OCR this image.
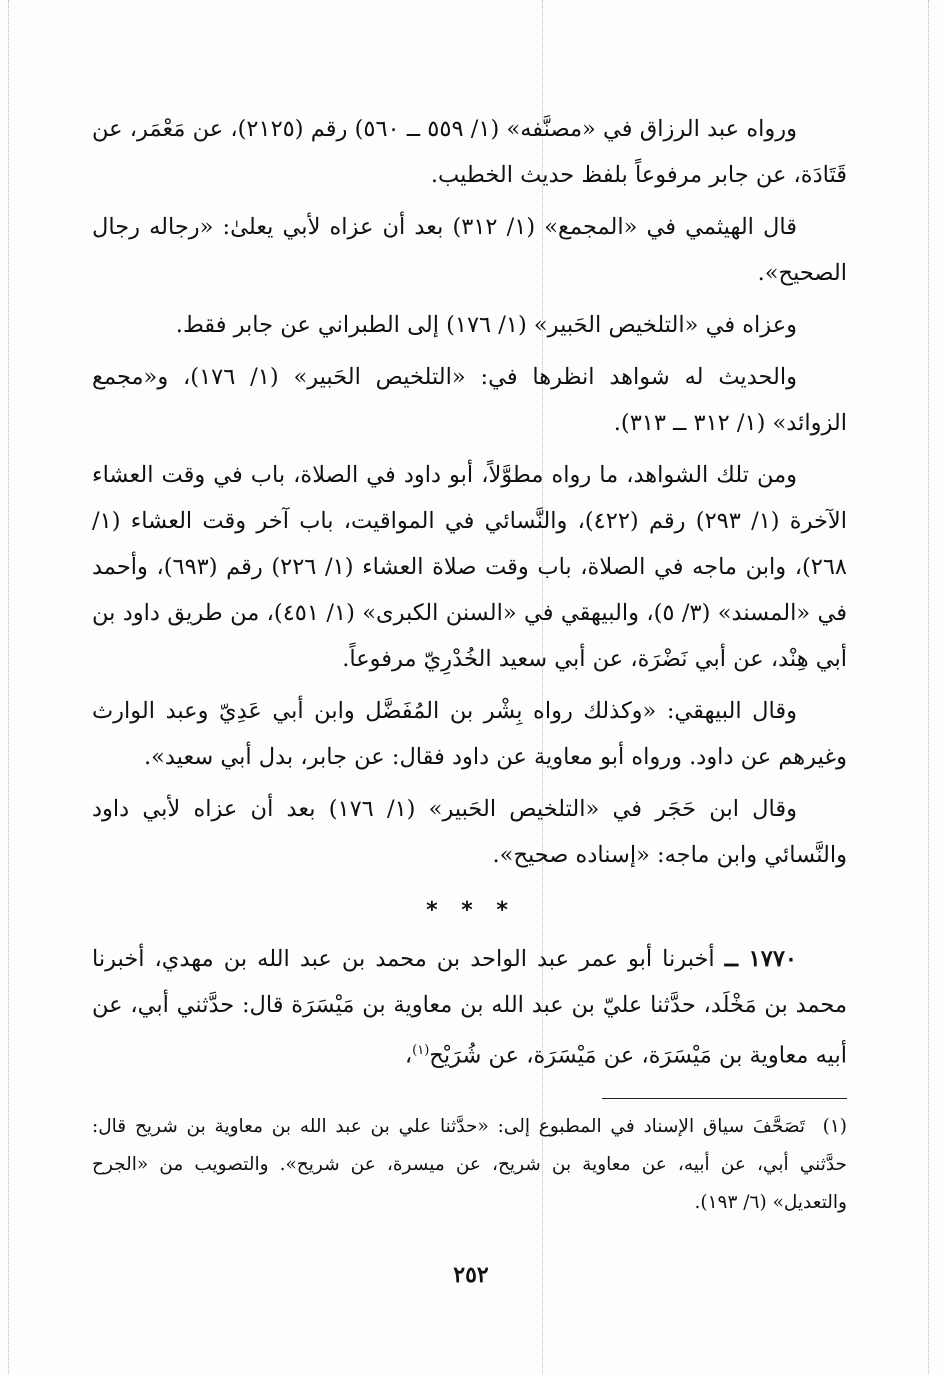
ورواه عبد الرزاق في «مصنَّفه» (١/ ٥٥٩ ــ ٥٦٠) رقم (٢١٢٥)، عن مَعْمَر، عن قَتَادَة، عن جابر مرفوعاً بلفظ حديث الخطيب.

قال الهيثمي في «المجمع» (١/ ٣١٢) بعد أن عزاه لأبي يعلىٰ: «رجاله رجال الصحيح».

وعزاه في «التلخيص الحَبير» (١/ ١٧٦) إلى الطبراني عن جابر فقط.

والحديث له شواهد انظرها في: «التلخيص الحَبير» (١/ ١٧٦)، و«مجمع الزوائد» (١/ ٣١٢ ــ ٣١٣).

ومن تلك الشواهد، ما رواه مطوَّلاً، أبو داود في الصلاة، باب في وقت العشاء الآخرة (١/ ٢٩٣) رقم (٤٢٢)، والنَّسائي في المواقيت، باب آخر وقت العشاء (١/ ٢٦٨)، وابن ماجه في الصلاة، باب وقت صلاة العشاء (١/ ٢٢٦) رقم (٦٩٣)، وأحمد في «المسند» (٣/ ٥)، والبيهقي في «السنن الكبرى» (١/ ٤٥١)، من طريق داود بن أبي هِنْد، عن أبي نَضْرَة، عن أبي سعيد الخُدْرِيّ مرفوعاً.

وقال البيهقي: «وكذلك رواه بِشْر بن المُفَضَّل وابن أبي عَدِيّ وعبد الوارث وغيرهم عن داود. ورواه أبو معاوية عن داود فقال: عن جابر، بدل أبي سعيد».

وقال ابن حَجَر في «التلخيص الحَبير» (١/ ١٧٦) بعد أن عزاه لأبي داود والنَّسائي وابن ماجه: «إسناده صحيح».

* * *

١٧٧٠ ــ أخبرنا أبو عمر عبد الواحد بن محمد بن عبد الله بن مهدي، أخبرنا محمد بن مَخْلَد، حدَّثنا عليّ بن عبد الله بن معاوية بن مَيْسَرَة قال: حدَّثني أبي، عن أبيه معاوية بن مَيْسَرَة، عن مَيْسَرَة، عن شُرَيْح$^{(١)}$،

(١)  تَصَحَّفَ سياق الإسناد في المطبوع إلى: «حدَّثنا علي بن عبد الله بن معاوية بن شريح قال: حدَّثني أبي، عن أبيه، عن معاوية بن شريح، عن ميسرة، عن شريح». والتصويب من «الجرح والتعديل» (٦/ ١٩٣).

٢٥٢
